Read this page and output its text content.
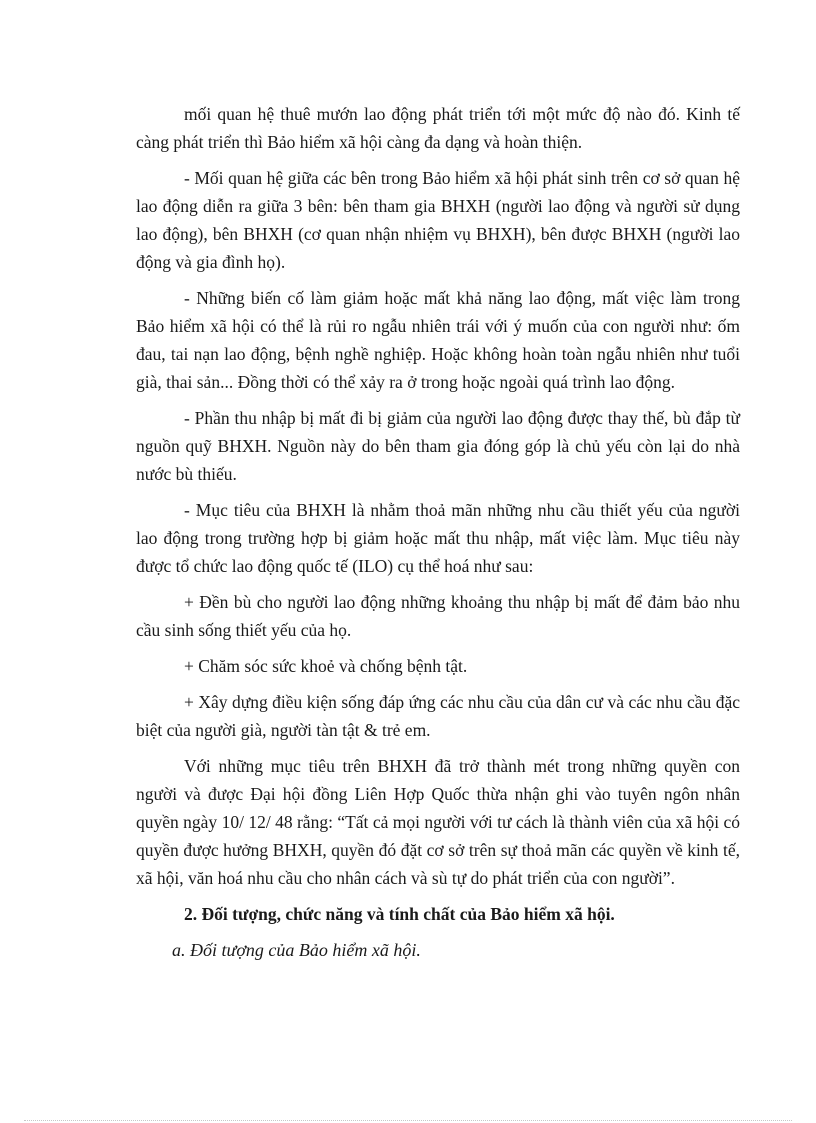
mối quan hệ thuê mướn lao động phát triển tới một mức độ nào đó. Kinh tế càng phát triển thì Bảo hiểm xã hội càng đa dạng và hoàn thiện.

- Mối quan hệ giữa các bên trong Bảo hiểm xã hội phát sinh trên cơ sở quan hệ lao động diễn ra giữa 3 bên: bên tham gia BHXH (người lao động và người sử dụng lao động), bên BHXH (cơ quan nhận nhiệm vụ BHXH), bên được BHXH (người lao động và gia đình họ).

- Những biến cố làm giảm hoặc mất khả năng lao động, mất việc làm trong Bảo hiểm xã hội có thể là rủi ro ngẫu nhiên trái với ý muốn của con người như: ốm đau, tai nạn lao động, bệnh nghề nghiệp. Hoặc không hoàn toàn ngẫu nhiên như tuổi già, thai sản... Đồng thời có thể xảy ra ở trong hoặc ngoài quá trình lao động.

- Phần thu nhập bị mất đi bị giảm của người lao động được thay thế, bù đắp từ nguồn quỹ BHXH. Nguồn này do bên tham gia đóng góp là chủ yếu còn lại do nhà nước bù thiếu.

- Mục tiêu của BHXH là nhằm thoả mãn những nhu cầu thiết yếu của người lao động trong trường hợp bị giảm hoặc mất thu nhập, mất việc làm. Mục tiêu này được tổ chức lao động quốc tế (ILO) cụ thể hoá như sau:

+ Đền bù cho người lao động những khoảng thu nhập bị mất để đảm bảo nhu cầu sinh sống thiết yếu của họ.

+ Chăm sóc sức khoẻ và chống bệnh tật.

+ Xây dựng điều kiện sống đáp ứng các nhu cầu của dân cư và các nhu cầu đặc biệt của người già, người tàn tật & trẻ em.

Với những mục tiêu trên BHXH đã trở thành mét trong những quyền con người và được Đại hội đồng Liên Hợp Quốc thừa nhận ghi vào tuyên ngôn nhân quyền ngày 10/ 12/ 48 rằng: “Tất cả mọi người với tư cách là thành viên của xã hội có quyền được hưởng BHXH, quyền đó đặt cơ sở trên sự thoả mãn các quyền về kinh tế, xã hội, văn hoá nhu cầu cho nhân cách và sù tự do phát triển của con người”.

2. Đối tượng, chức năng và tính chất của Bảo hiểm xã hội.
a. Đối tượng của Bảo hiểm xã hội.
